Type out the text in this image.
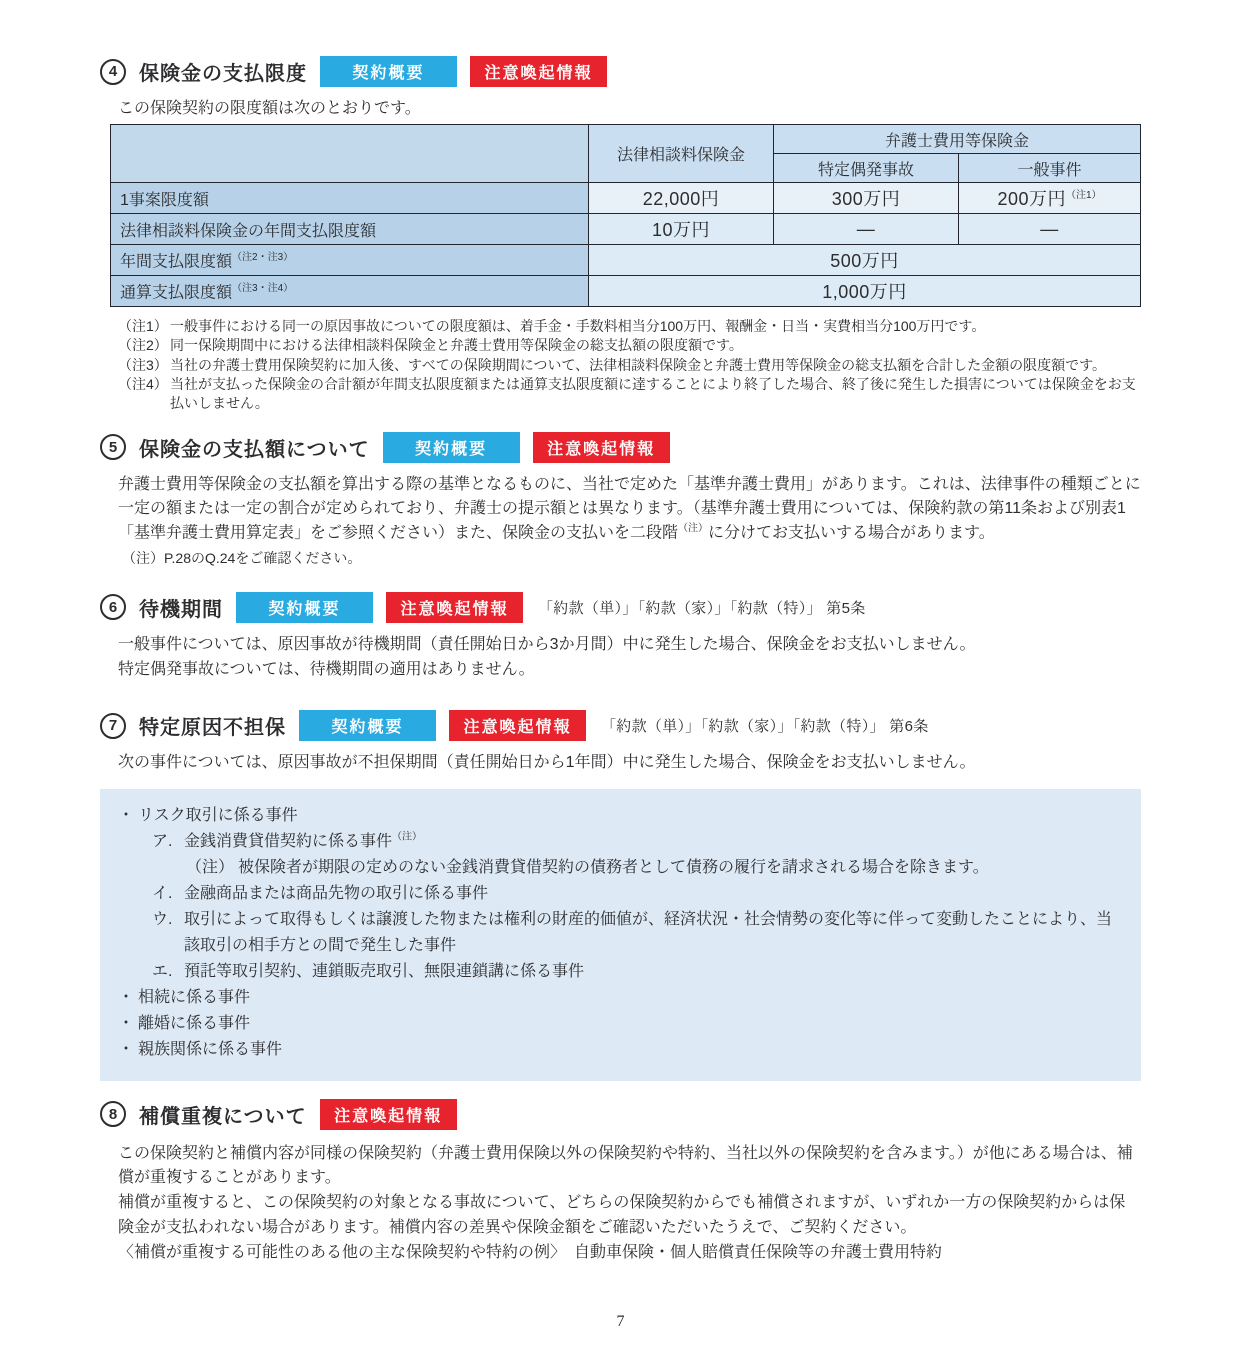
4	保険金の支払限度	契約概要	注意喚起情報
この保険契約の限度額は次のとおりです。
	法律相談料保険金	弁護士費用等保険金	
		特定偶発事故	一般事件
1事案限度額	22,000円	300万円	200万円$^{(注1)}$
法律相談料保険金の年間支払限度額	10万円	—	—
年間支払限度額$^{(注2・注3)}$	500万円		
通算支払限度額$^{(注3・注4)}$	1,000万円		
（注1） 一般事件における同一の原因事故についての限度額は、着手金・手数料相当分100万円、報酬金・日当・実費相当分100万円です。
（注2） 同一保険期間中における法律相談料保険金と弁護士費用等保険金の総支払額の限度額です。
（注3） 当社の弁護士費用保険契約に加入後、すべての保険期間について、法律相談料保険金と弁護士費用等保険金の総支払額を合計した金額の限度額です。
（注4） 当社が支払った保険金の合計額が年間支払限度額または通算支払限度額に達することにより終了した場合、終了後に発生した損害については保険金をお支払いしません。
5	保険金の支払額について	契約概要	注意喚起情報
弁護士費用等保険金の支払額を算出する際の基準となるものに、当社で定めた「基準弁護士費用」があります。これは、法律事件の種類ごとに一定の額または一定の割合が定められており、弁護士の提示額とは異なります。（基準弁護士費用については、保険約款の第11条および別表1「基準弁護士費用算定表」をご参照ください）また、保険金の支払いを二段階$^{(注)}$に分けてお支払いする場合があります。
（注）P.28のQ.24をご確認ください。
6	待機期間	契約概要	注意喚起情報	「約款（単）」「約款（家）」「約款（特）」 第5条
一般事件については、原因事故が待機期間（責任開始日から3か月間）中に発生した場合、保険金をお支払いしません。
特定偶発事故については、待機期間の適用はありません。
7	特定原因不担保	契約概要	注意喚起情報	「約款（単）」「約款（家）」「約款（特）」 第6条
次の事件については、原因事故が不担保期間（責任開始日から1年間）中に発生した場合、保険金をお支払いしません。
・ リスク取引に係る事件
ア. 金銭消費貸借契約に係る事件$^{(注)}$
（注） 被保険者が期限の定めのない金銭消費貸借契約の債務者として債務の履行を請求される場合を除きます。
イ. 金融商品または商品先物の取引に係る事件
ウ. 取引によって取得もしくは譲渡した物または権利の財産的価値が、経済状況・社会情勢の変化等に伴って変動したことにより、当該取引の相手方との間で発生した事件
エ. 預託等取引契約、連鎖販売取引、無限連鎖講に係る事件
・ 相続に係る事件
・ 離婚に係る事件
・ 親族関係に係る事件
8	補償重複について	注意喚起情報

この保険契約と補償内容が同様の保険契約（弁護士費用保険以外の保険契約や特約、当社以外の保険契約を含みます。）が他にある場合は、補償が重複することがあります。

補償が重複すると、この保険契約の対象となる事故について、どちらの保険契約からでも補償されますが、いずれか一方の保険契約からは保険金が支払われない場合があります。補償内容の差異や保険金額をご確認いただいたうえで、ご契約ください。

〈補償が重複する可能性のある他の主な保険契約や特約の例〉　自動車保険・個人賠償責任保険等の弁護士費用特約

7
